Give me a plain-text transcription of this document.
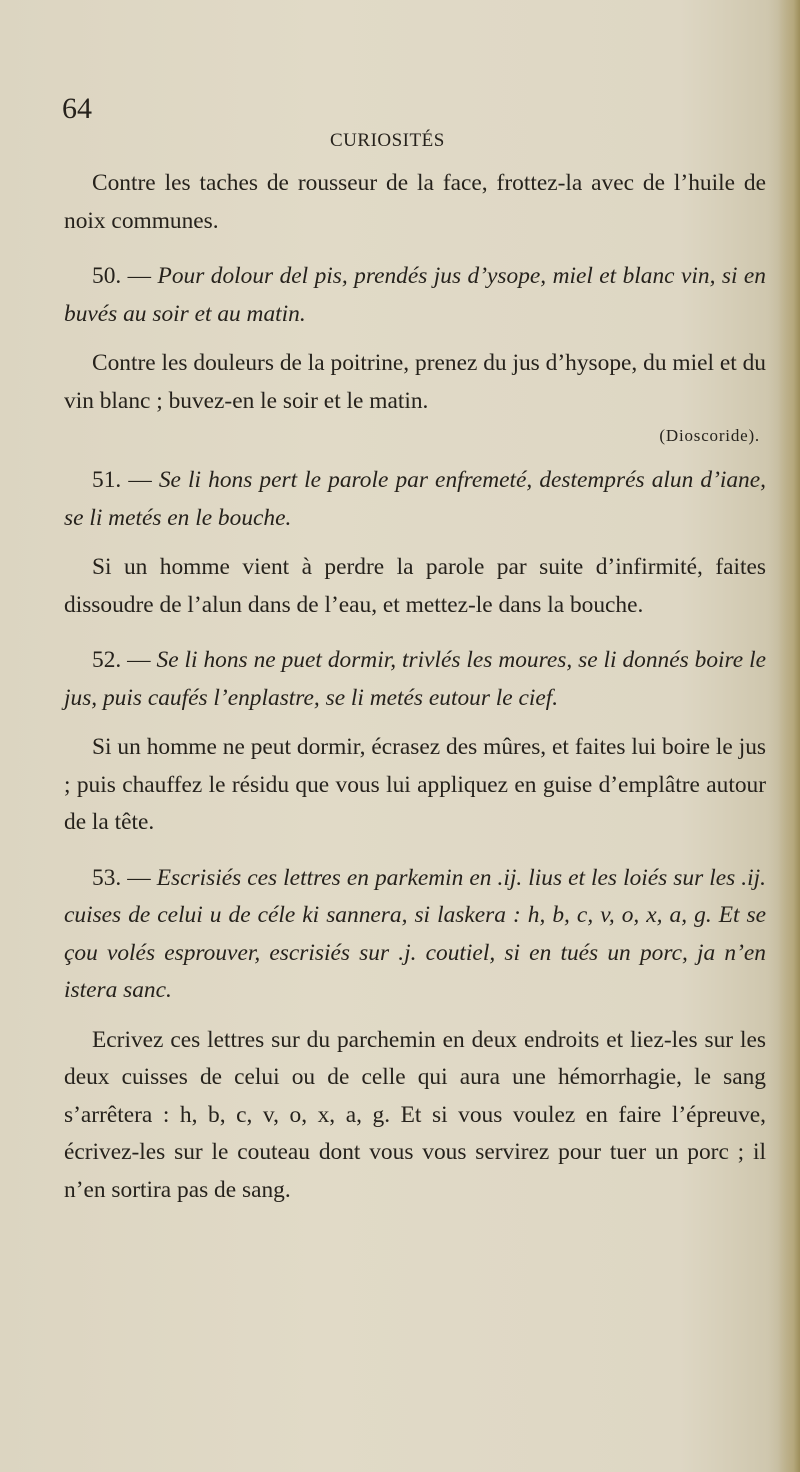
64
CURIOSITÉS

Contre les taches de rousseur de la face, frottez-la avec de l’huile de noix communes.

50. — Pour dolour del pis, prendés jus d’ysope, miel et blanc vin, si en buvés au soir et au matin.

Contre les douleurs de la poitrine, prenez du jus d’hysope, du miel et du vin blanc ; buvez-en le soir et le matin.

(Dioscoride).

51. — Se li hons pert le parole par enfremeté, destemprés alun d’iane, se li metés en le bouche.

Si un homme vient à perdre la parole par suite d’infirmité, faites dissoudre de l’alun dans de l’eau, et mettez-le dans la bouche.

52. — Se li hons ne puet dormir, trivlés les moures, se li donnés boire le jus, puis caufés l’enplastre, se li metés eutour le cief.

Si un homme ne peut dormir, écrasez des mûres, et faites lui boire le jus ; puis chauffez le résidu que vous lui appliquez en guise d’emplâtre autour de la tête.

53. — Escrisiés ces lettres en parkemin en .ij. lius et les loiés sur les .ij. cuises de celui u de céle ki sannera, si laskera : h, b, c, v, o, x, a, g. Et se çou volés esprouver, escrisiés sur .j. coutiel, si en tués un porc, ja n’en istera sanc.

Ecrivez ces lettres sur du parchemin en deux endroits et liez-les sur les deux cuisses de celui ou de celle qui aura une hémorrhagie, le sang s’arrêtera : h, b, c, v, o, x, a, g. Et si vous voulez en faire l’épreuve, écrivez-les sur le couteau dont vous vous servirez pour tuer un porc ; il n’en sortira pas de sang.
